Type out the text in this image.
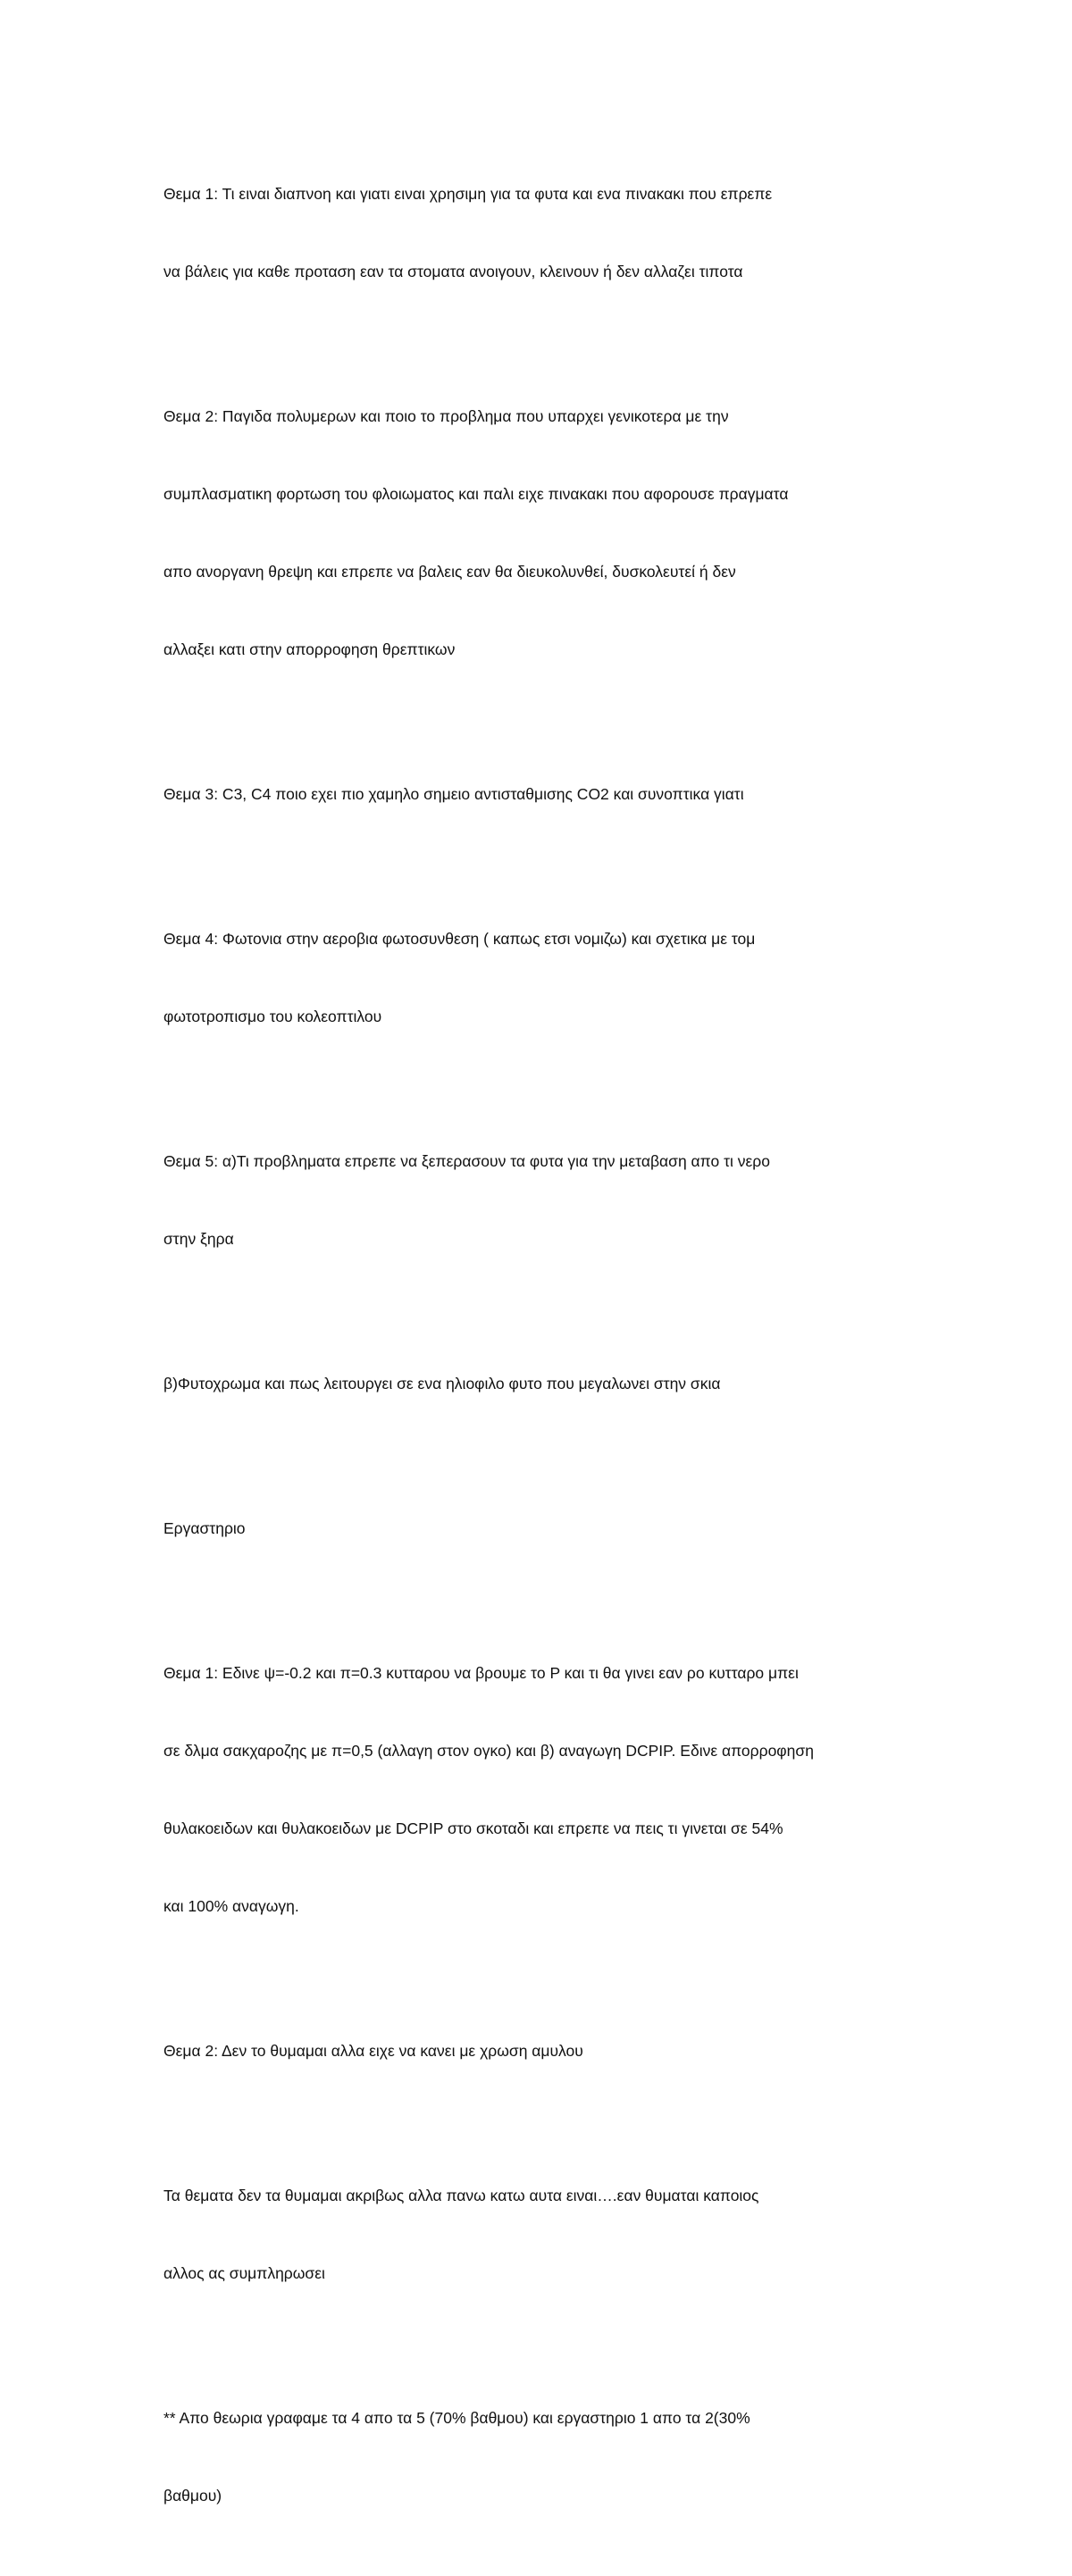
Θεμα 1: Τι ειναι διαπνοη και γιατι ειναι χρησιμη για τα φυτα και ενα πινακακι που επρεπε

να βάλεις για καθε προταση εαν τα στοματα ανοιγουν, κλεινουν ή δεν αλλαζει τιποτα

Θεμα 2: Παγιδα πολυμερων και ποιο το προβλημα που υπαρχει γενικοτερα με την

συμπλασματικη φορτωση του φλοιωματος και παλι ειχε πινακακι που αφορουσε πραγματα

απο ανοργανη θρεψη και επρεπε να βαλεις εαν θα διευκολυνθεί, δυσκολευτεί ή δεν

αλλαξει κατι στην απορροφηση θρεπτικων

Θεμα 3: C3, C4 ποιο εχει πιο χαμηλο σημειο αντισταθμισης CO2 και συνοπτικα γιατι

Θεμα 4: Φωτονια στην αεροβια φωτοσυνθεση ( καπως ετσι νομιζω) και σχετικα με τομ

φωτοτροπισμο του κολεοπτιλου

Θεμα 5: α)Τι προβληματα επρεπε να ξεπερασουν τα φυτα για την μεταβαση απο τι νερο

στην ξηρα

β)Φυτοχρωμα και πως λειτουργει σε ενα ηλιοφιλο φυτο που μεγαλωνει στην σκια

Εργαστηριο

Θεμα 1: Εδινε ψ=-0.2 και π=0.3 κυτταρου να βρουμε το Ρ και τι θα γινει εαν ρο κυτταρο μπει

σε δλμα σακχαροζης με π=0,5 (αλλαγη στον ογκο) και β) αναγωγη DCPIP. Εδινε απορροφηση

θυλακοειδων και θυλακοειδων με DCPIP στο σκοταδι και επρεπε να πεις τι γινεται σε 54%

και 100% αναγωγη.

Θεμα 2: Δεν το θυμαμαι αλλα ειχε να κανει με χρωση αμυλου

Τα θεματα δεν τα θυμαμαι ακριβως αλλα πανω κατω αυτα ειναι….εαν θυμαται καποιος

αλλος ας συμπληρωσει

** Απο θεωρια γραφαμε τα 4 απο τα 5 (70% βαθμου) και εργαστηριο 1 απο τα 2(30%

βαθμου)
